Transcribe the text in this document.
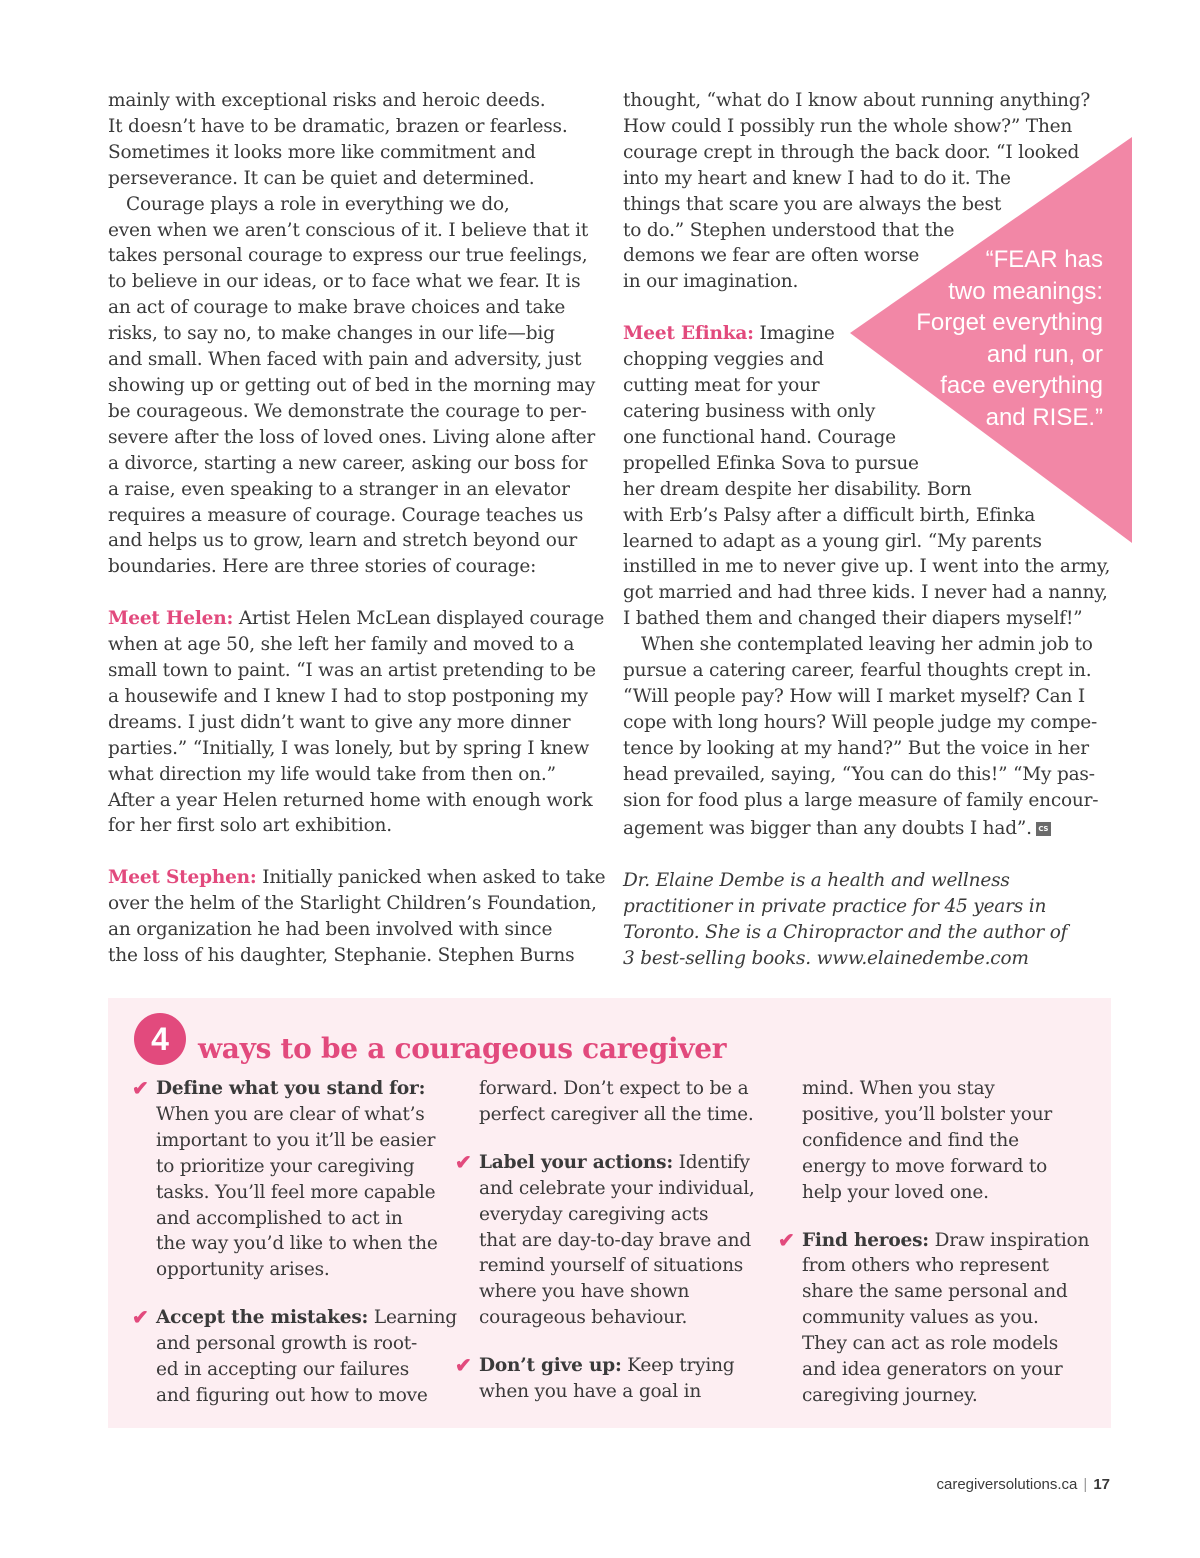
mainly with exceptional risks and heroic deeds.
It doesn’t have to be dramatic, brazen or fearless.
Sometimes it looks more like commitment and
perseverance. It can be quiet and determined.

Courage plays a role in everything we do,
even when we aren’t conscious of it. I believe that it
takes personal courage to express our true feelings,
to believe in our ideas, or to face what we fear. It is
an act of courage to make brave choices and take
risks, to say no, to make changes in our life—big
and small. When faced with pain and adversity, just
showing up or getting out of bed in the morning may
be courageous. We demonstrate the courage to per-
severe after the loss of loved ones. Living alone after
a divorce, starting a new career, asking our boss for
a raise, even speaking to a stranger in an elevator
requires a measure of courage. Courage teaches us
and helps us to grow, learn and stretch beyond our
boundaries. Here are three stories of courage:

Meet Helen: Artist Helen McLean displayed courage
when at age 50, she left her family and moved to a
small town to paint. “I was an artist pretending to be
a housewife and I knew I had to stop postponing my
dreams. I just didn’t want to give any more dinner
parties.” “Initially, I was lonely, but by spring I knew
what direction my life would take from then on.”
After a year Helen returned home with enough work
for her first solo art exhibition.

Meet Stephen: Initially panicked when asked to take
over the helm of the Starlight Children’s Foundation,
an organization he had been involved with since
the loss of his daughter, Stephanie. Stephen Burns

“FEAR has
two meanings:
Forget everything
and run, or
face everything
and RISE.”

thought, “what do I know about running anything?
How could I possibly run the whole show?” Then
courage crept in through the back door. “I looked
into my heart and knew I had to do it. The
things that scare you are always the best
to do.” Stephen understood that the
demons we fear are often worse
in our imagination.

Meet Efinka: Imagine
chopping veggies and
cutting meat for your
catering business with only
one functional hand. Courage
propelled Efinka Sova to pursue
her dream despite her disability. Born
with Erb’s Palsy after a difficult birth, Efinka
learned to adapt as a young girl. “My parents
instilled in me to never give up. I went into the army,
got married and had three kids. I never had a nanny,
I bathed them and changed their diapers myself!”

When she contemplated leaving her admin job to
pursue a catering career, fearful thoughts crept in.
“Will people pay? How will I market myself? Can I
cope with long hours? Will people judge my compe-
tence by looking at my hand?” But the voice in her
head prevailed, saying, “You can do this!” “My pas-
sion for food plus a large measure of family encour-
agement was bigger than any doubts I had”. CS

Dr. Elaine Dembe is a health and wellness
practitioner in private practice for 45 years in
Toronto. She is a Chiropractor and the author of
3 best-selling books. www.elainedembe.com

4	ways to be a courageous caregiver
✔ Define what you stand for:
When you are clear of what’s
important to you it’ll be easier
to prioritize your caregiving
tasks. You’ll feel more capable
and accomplished to act in
the way you’d like to when the
opportunity arises.
✔ Accept the mistakes: Learning
and personal growth is root-
ed in accepting our failures
and figuring out how to move
forward. Don’t expect to be a
perfect caregiver all the time.
✔ Label your actions: Identify
and celebrate your individual,
everyday caregiving acts
that are day-to-day brave and
remind yourself of situations
where you have shown
courageous behaviour.
✔ Don’t give up: Keep trying
when you have a goal in
mind. When you stay
positive, you’ll bolster your
confidence and find the
energy to move forward to
help your loved one.
✔ Find heroes: Draw inspiration
from others who represent
share the same personal and
community values as you.
They can act as role models
and idea generators on your
caregiving journey.
caregiversolutions.ca | 17
